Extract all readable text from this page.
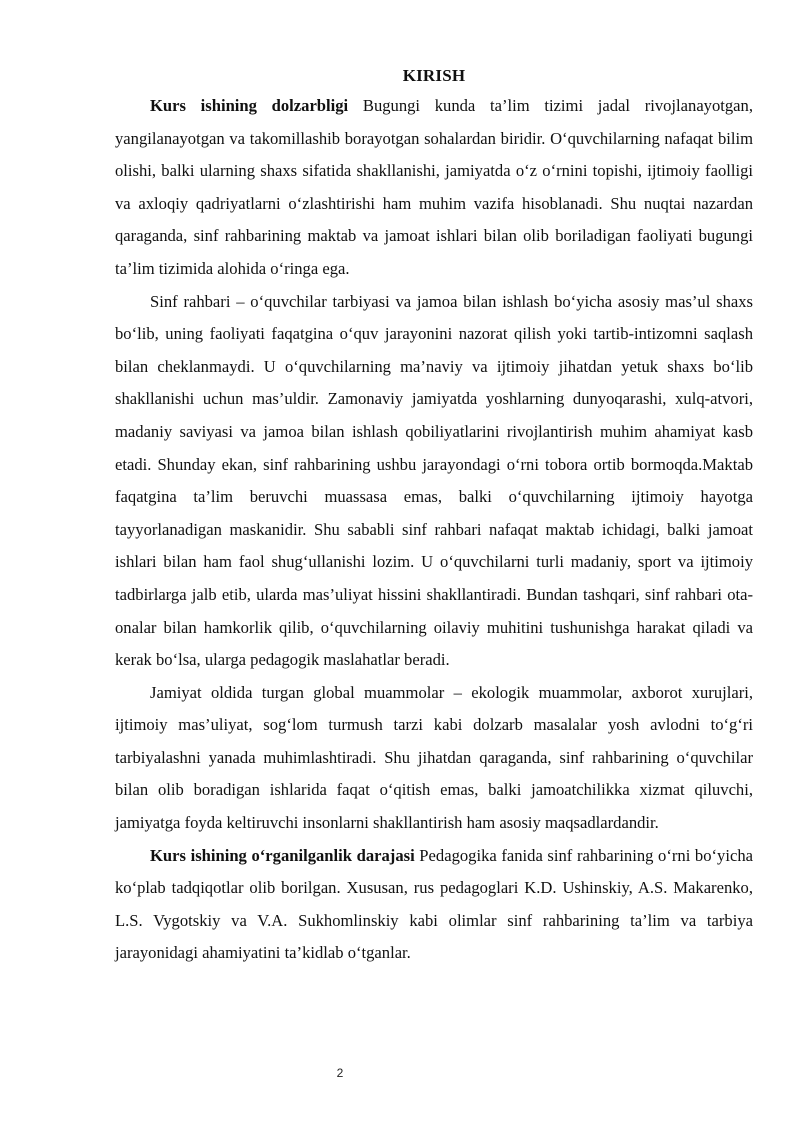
KIRISH

Kurs ishining dolzarbligi Bugungi kunda ta’lim tizimi jadal rivojlanayotgan, yangilanayotgan va takomillashib borayotgan sohalardan biridir. O‘quvchilarning nafaqat bilim olishi, balki ularning shaxs sifatida shakllanishi, jamiyatda o‘z o‘rnini topishi, ijtimoiy faolligi va axloqiy qadriyatlarni o‘zlashtirishi ham muhim vazifa hisoblanadi. Shu nuqtai nazardan qaraganda, sinf rahbarining maktab va jamoat ishlari bilan olib boriladigan faoliyati bugungi ta’lim tizimida alohida o‘ringa ega.

Sinf rahbari – o‘quvchilar tarbiyasi va jamoa bilan ishlash bo‘yicha asosiy mas’ul shaxs bo‘lib, uning faoliyati faqatgina o‘quv jarayonini nazorat qilish yoki tartib-intizomni saqlash bilan cheklanmaydi. U o‘quvchilarning ma’naviy va ijtimoiy jihatdan yetuk shaxs bo‘lib shakllanishi uchun mas’uldir. Zamonaviy jamiyatda yoshlarning dunyoqarashi, xulq-atvori, madaniy saviyasi va jamoa bilan ishlash qobiliyatlarini rivojlantirish muhim ahamiyat kasb etadi. Shunday ekan, sinf rahbarining ushbu jarayondagi o‘rni tobora ortib bormoqda.Maktab faqatgina ta’lim beruvchi muassasa emas, balki o‘quvchilarning ijtimoiy hayotga tayyorlanadigan maskanidir. Shu sababli sinf rahbari nafaqat maktab ichidagi, balki jamoat ishlari bilan ham faol shug‘ullanishi lozim. U o‘quvchilarni turli madaniy, sport va ijtimoiy tadbirlarga jalb etib, ularda mas’uliyat hissini shakllantiradi. Bundan tashqari, sinf rahbari ota-onalar bilan hamkorlik qilib, o‘quvchilarning oilaviy muhitini tushunishga harakat qiladi va kerak bo‘lsa, ularga pedagogik maslahatlar beradi.

Jamiyat oldida turgan global muammolar – ekologik muammolar, axborot xurujlari, ijtimoiy mas’uliyat, sog‘lom turmush tarzi kabi dolzarb masalalar yosh avlodni to‘g‘ri tarbiyalashni yanada muhimlashtiradi. Shu jihatdan qaraganda, sinf rahbarining o‘quvchilar bilan olib boradigan ishlarida faqat o‘qitish emas, balki jamoatchilikka xizmat qiluvchi, jamiyatga foyda keltiruvchi insonlarni shakllantirish ham asosiy maqsadlardandir.

Kurs ishining o‘rganilganlik darajasi Pedagogika fanida sinf rahbarining o‘rni bo‘yicha ko‘plab tadqiqotlar olib borilgan. Xususan, rus pedagoglari K.D. Ushinskiy, A.S. Makarenko, L.S. Vygotskiy va V.A. Sukhomlinskiy kabi olimlar sinf rahbarining ta’lim va tarbiya jarayonidagi ahamiyatini ta’kidlab o‘tganlar.

2
